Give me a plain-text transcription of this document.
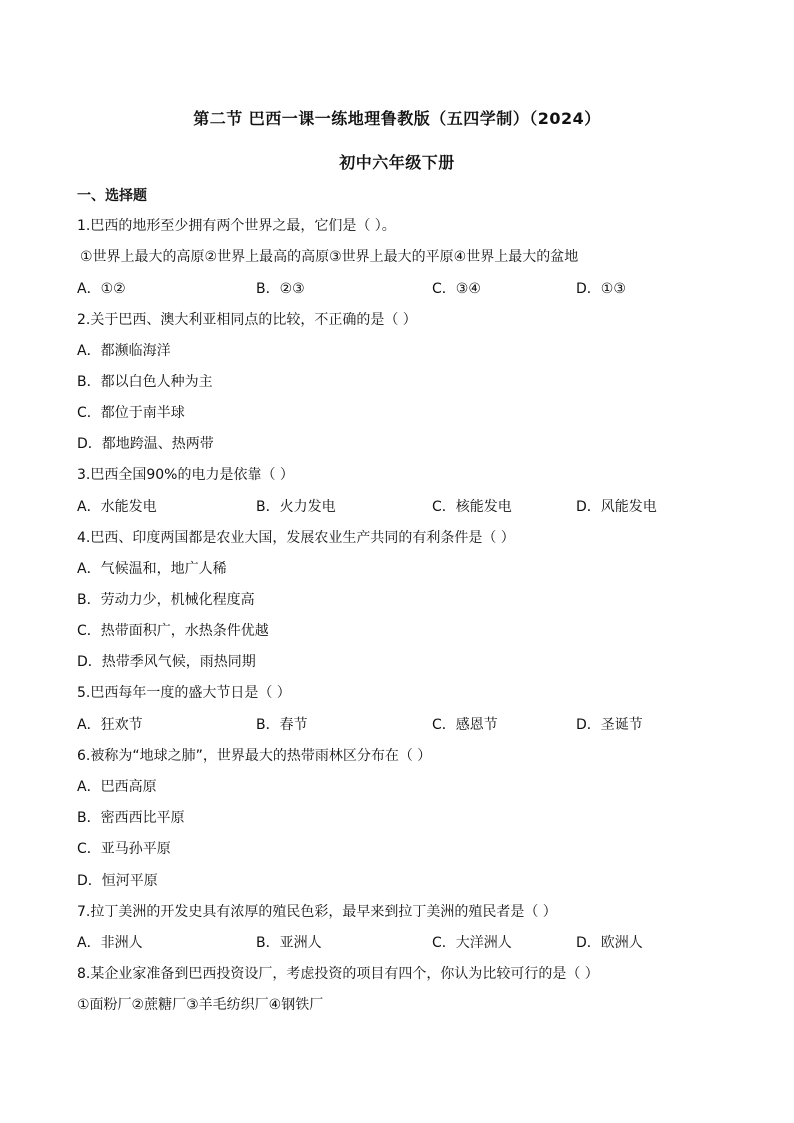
第二节 巴西一课一练地理鲁教版（五四学制）（2024）
初中六年级下册
一、选择题
1.巴西的地形至少拥有两个世界之最，它们是（ ）。
①世界上最大的高原②世界上最高的高原③世界上最大的平原④世界上最大的盆地
A．①②	B．②③	C．③④	D．①③
2.关于巴西、澳大利亚相同点的比较，不正确的是（ ）
A．都濒临海洋
B．都以白色人种为主
C．都位于南半球
D．都地跨温、热两带
3.巴西全国90%的电力是依靠（ ）
A．水能发电	B．火力发电	C．核能发电	D．风能发电
4.巴西、印度两国都是农业大国，发展农业生产共同的有利条件是（ ）
A．气候温和，地广人稀
B．劳动力少，机械化程度高
C．热带面积广，水热条件优越
D．热带季风气候，雨热同期
5.巴西每年一度的盛大节日是（ ）
A．狂欢节	B．春节	C．感恩节	D．圣诞节
6.被称为“地球之肺”，世界最大的热带雨林区分布在（ ）
A．巴西高原
B．密西西比平原
C．亚马孙平原
D．恒河平原
7.拉丁美洲的开发史具有浓厚的殖民色彩，最早来到拉丁美洲的殖民者是（ ）
A．非洲人	B．亚洲人	C．大洋洲人	D．欧洲人
8.某企业家准备到巴西投资设厂，考虑投资的项目有四个，你认为比较可行的是（ ）
①面粉厂②蔗糖厂③羊毛纺织厂④钢铁厂
